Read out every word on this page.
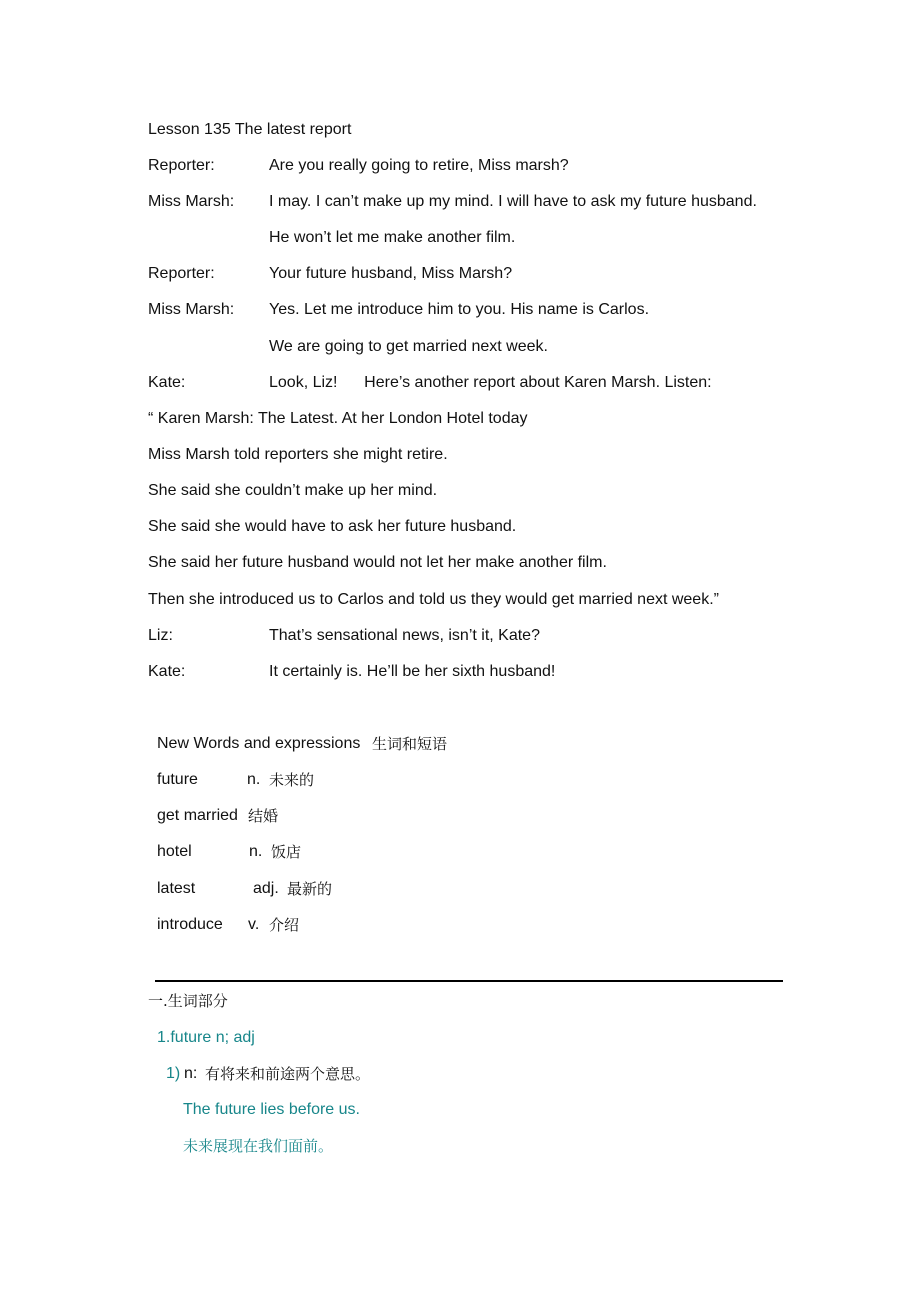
Lesson 135 The latest report
Reporter:	Are you really going to retire, Miss marsh?
Miss Marsh: I may. I can’t make up my mind. I will have to ask my future husband.
He won’t let me make another film.
Reporter:	Your future husband, Miss Marsh?
Miss Marsh: Yes. Let me introduce him to you. His name is Carlos.
We are going to get married next week.
Kate:	Look, Liz!      Here’s another report about Karen Marsh. Listen:
“ Karen Marsh: The Latest. At her London Hotel today
Miss Marsh told reporters she might retire.
She said she couldn’t make up her mind.
She said she would have to ask her future husband.
She said her future husband would not let her make another film.
Then she introduced us to Carlos and told us they would get married next week.”
Liz:	That’s sensational news, isn’t it, Kate?
Kate:	It certainly is. He’ll be her sixth husband!
New Words and expressions 生词和短语
future	n. 未来的
get married 结婚
hotel	n. 饭店
latest	adj. 最新的
introduce v. 介绍
一.生词部分
1.future n; adj
1) n: 有将来和前途两个意思。
The future lies before us.
未来展现在我们面前。
